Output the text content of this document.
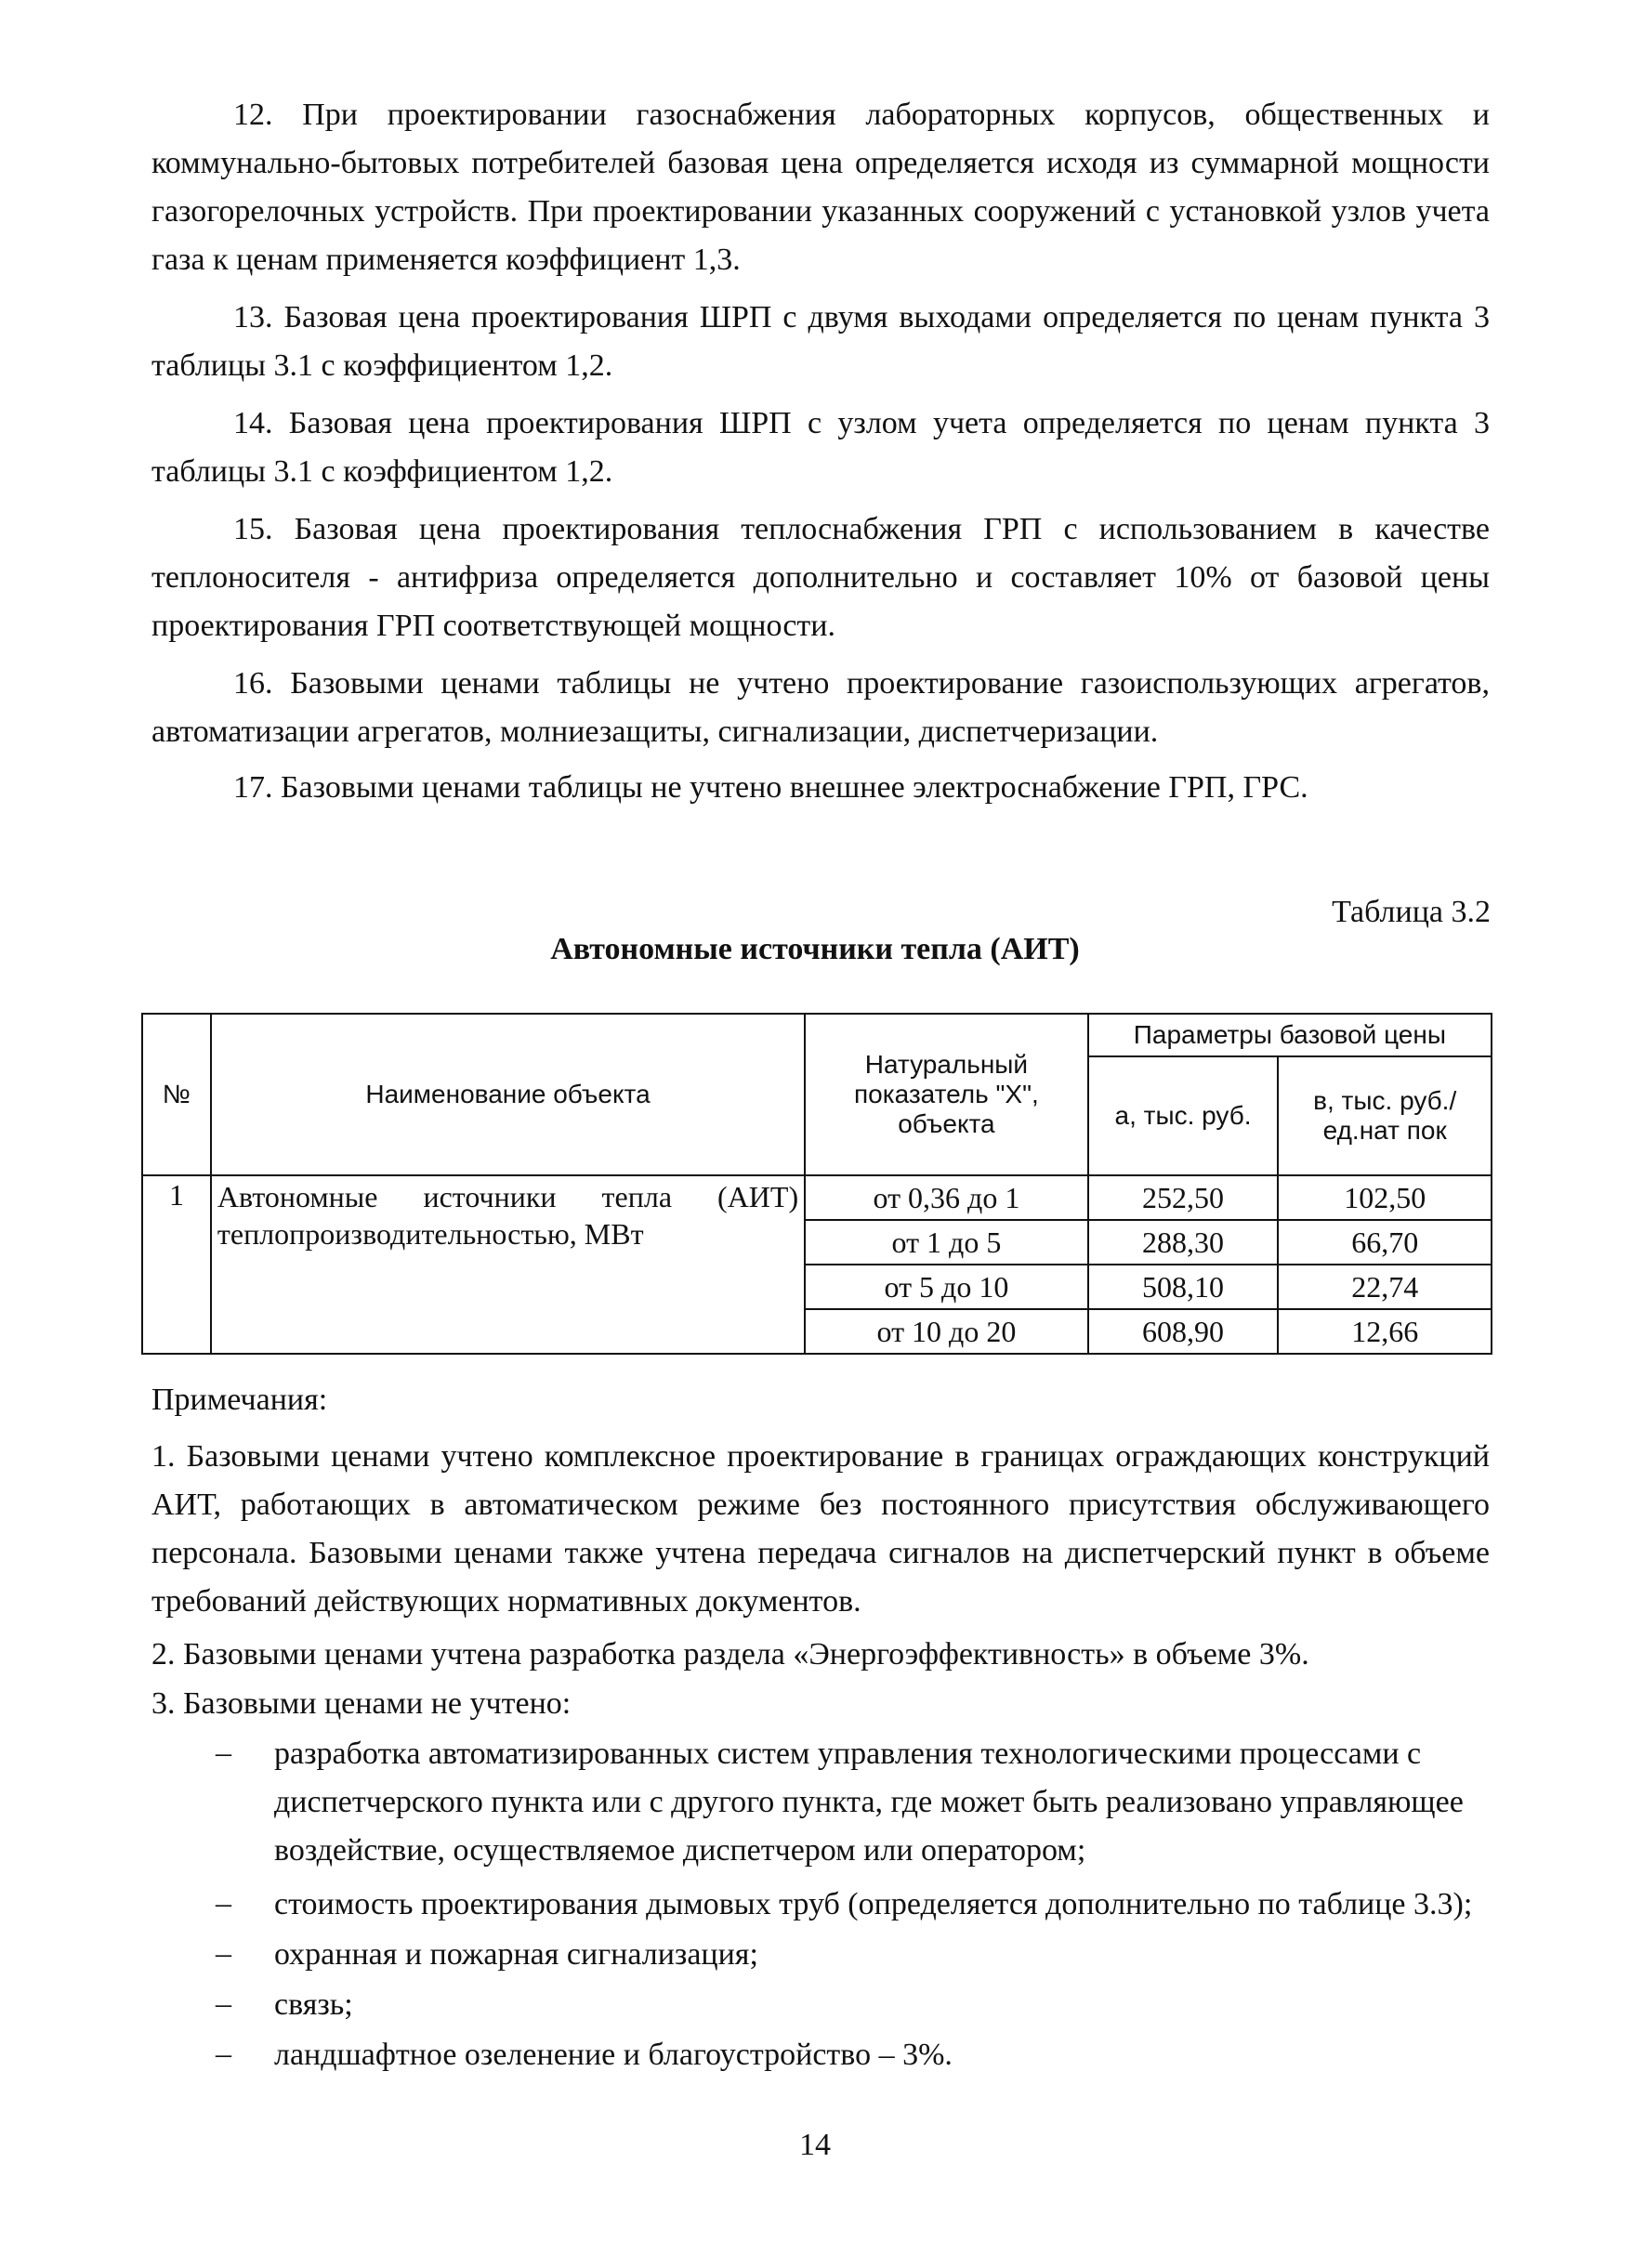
12. При проектировании газоснабжения лабораторных корпусов, общественных и коммунально-бытовых потребителей базовая цена определяется исходя из суммарной мощности газогорелочных устройств. При проектировании указанных сооружений с установкой узлов учета газа к ценам применяется коэффициент 1,3.

13. Базовая цена проектирования ШРП с двумя выходами определяется по ценам пункта 3 таблицы 3.1 с коэффициентом 1,2.

14. Базовая цена проектирования ШРП с узлом учета определяется по ценам пункта 3 таблицы 3.1 с коэффициентом 1,2.

15. Базовая цена проектирования теплоснабжения ГРП с использованием в качестве теплоносителя - антифриза определяется дополнительно и составляет 10% от базовой цены проектирования ГРП соответствующей мощности.

16. Базовыми ценами таблицы не учтено проектирование газоиспользующих агрегатов, автоматизации агрегатов, молниезащиты, сигнализации, диспетчеризации.

17. Базовыми ценами таблицы не учтено внешнее электроснабжение ГРП, ГРС.

Таблица 3.2
Автономные источники тепла (АИТ)
№	Наименование объекта	Натуральный показатель "Х", объекта	Параметры базовой цены	
			а, тыс. руб.	в, тыс. руб./ ед.нат пок
1	Автономные источники тепла (АИТ) теплопроизводительностью, МВт	от 0,36 до 1	252,50	102,50
		от 1 до 5	288,30	66,70
		от 5 до 10	508,10	22,74
		от 10 до 20	608,90	12,66
Примечания:

1. Базовыми ценами учтено комплексное проектирование в границах ограждающих конструкций АИТ, работающих в автоматическом режиме без постоянного присутствия обслуживающего персонала. Базовыми ценами также учтена передача сигналов на диспетчерский пункт в объеме требований действующих нормативных документов.

2. Базовыми ценами учтена разработка раздела «Энергоэффективность» в объеме 3%.

3. Базовыми ценами не учтено:

– разработка автоматизированных систем управления технологическими процессами с диспетчерского пункта или с другого пункта, где может быть реализовано управляющее воздействие, осуществляемое диспетчером или оператором;

– стоимость проектирования дымовых труб (определяется дополнительно по таблице 3.3);

– охранная и пожарная сигнализация;

– связь;

– ландшафтное озеленение и благоустройство – 3%.

14
